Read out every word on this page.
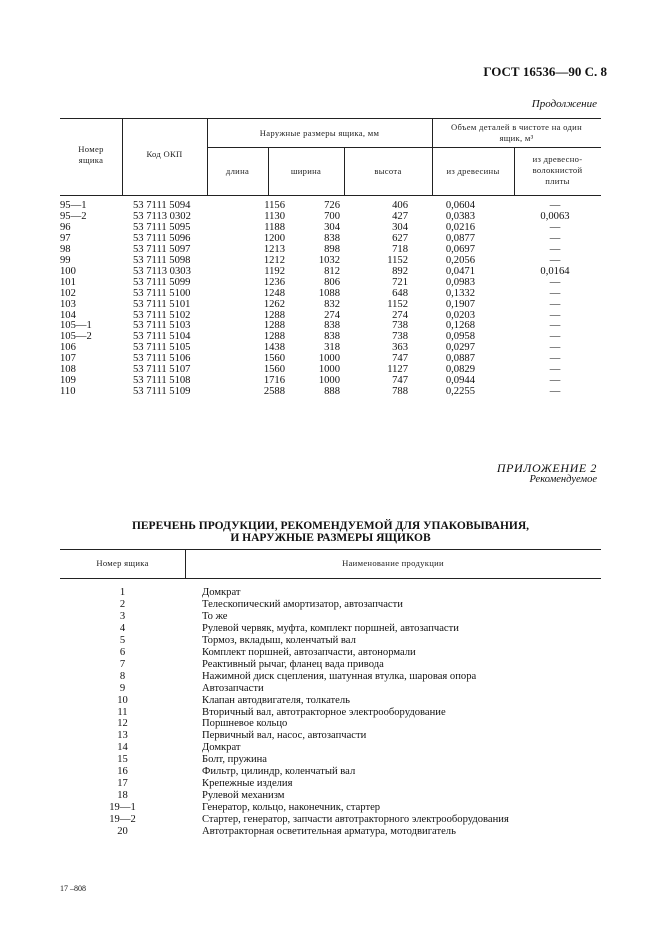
ГОСТ 16536—90 С. 8
Продолжение
Номер
ящика
Код ОКП
Наружные размеры ящика, мм
Объем деталей в чистоте на один
ящик, м³
длина	ширина	высота	из древесины
из древесно-
волокнистой
плиты
95—1	53 7111 5094	1156	726	406	0,0604	—
95—2	53 7113 0302	1130	700	427	0,0383	0,0063
96	53 7111 5095	1188	304	304	0,0216	—
97	53 7111 5096	1200	838	627	0,0877	—
98	53 7111 5097	1213	898	718	0,0697	—
99	53 7111 5098	1212	1032	1152	0,2056	—
100	53 7113 0303	1192	812	892	0,0471	0,0164
101	53 7111 5099	1236	806	721	0,0983	—
102	53 7111 5100	1248	1088	648	0,1332	—
103	53 7111 5101	1262	832	1152	0,1907	—
104	53 7111 5102	1288	274	274	0,0203	—
105—1	53 7111 5103	1288	838	738	0,1268	—
105—2	53 7111 5104	1288	838	738	0,0958	—
106	53 7111 5105	1438	318	363	0,0297	—
107	53 7111 5106	1560	1000	747	0,0887	—
108	53 7111 5107	1560	1000	1127	0,0829	—
109	53 7111 5108	1716	1000	747	0,0944	—
110	53 7111 5109	2588	888	788	0,2255	—
ПРИЛОЖЕНИЕ 2
Рекомендуемое
ПЕРЕЧЕНЬ ПРОДУКЦИИ, РЕКОМЕНДУЕМОЙ ДЛЯ УПАКОВЫВАНИЯ,
И НАРУЖНЫЕ РАЗМЕРЫ ЯЩИКОВ
Номер ящика	Наименование продукции
1	Домкрат
2	Телескопический амортизатор, автозапчасти
3	То же
4	Рулевой червяк, муфта, комплект поршней, автозапчасти
5	Тормоз, вкладыш, коленчатый вал
6	Комплект поршней, автозапчасти, автонормали
7	Реактивный рычаг, фланец вада привода
8	Нажимной диск сцепления, шатунная втулка, шаровая опора
9	Автозапчасти
10	Клапан автодвигателя, толкатель
11	Вторичный вал, автотракторное электрооборудование
12	Поршневое кольцо
13	Первичный вал, насос, автозапчасти
14	Домкрат
15	Болт, пружина
16	Фильтр, цилиндр, коленчатый вал
17	Крепежные изделия
18	Рулевой механизм
19—1	Генератор, кольцо, наконечник, стартер
19—2	Стартер, генератор, запчасти автотракторного электрооборудования
20	Автотракторная осветительная арматура, мотодвигатель
17 –808
